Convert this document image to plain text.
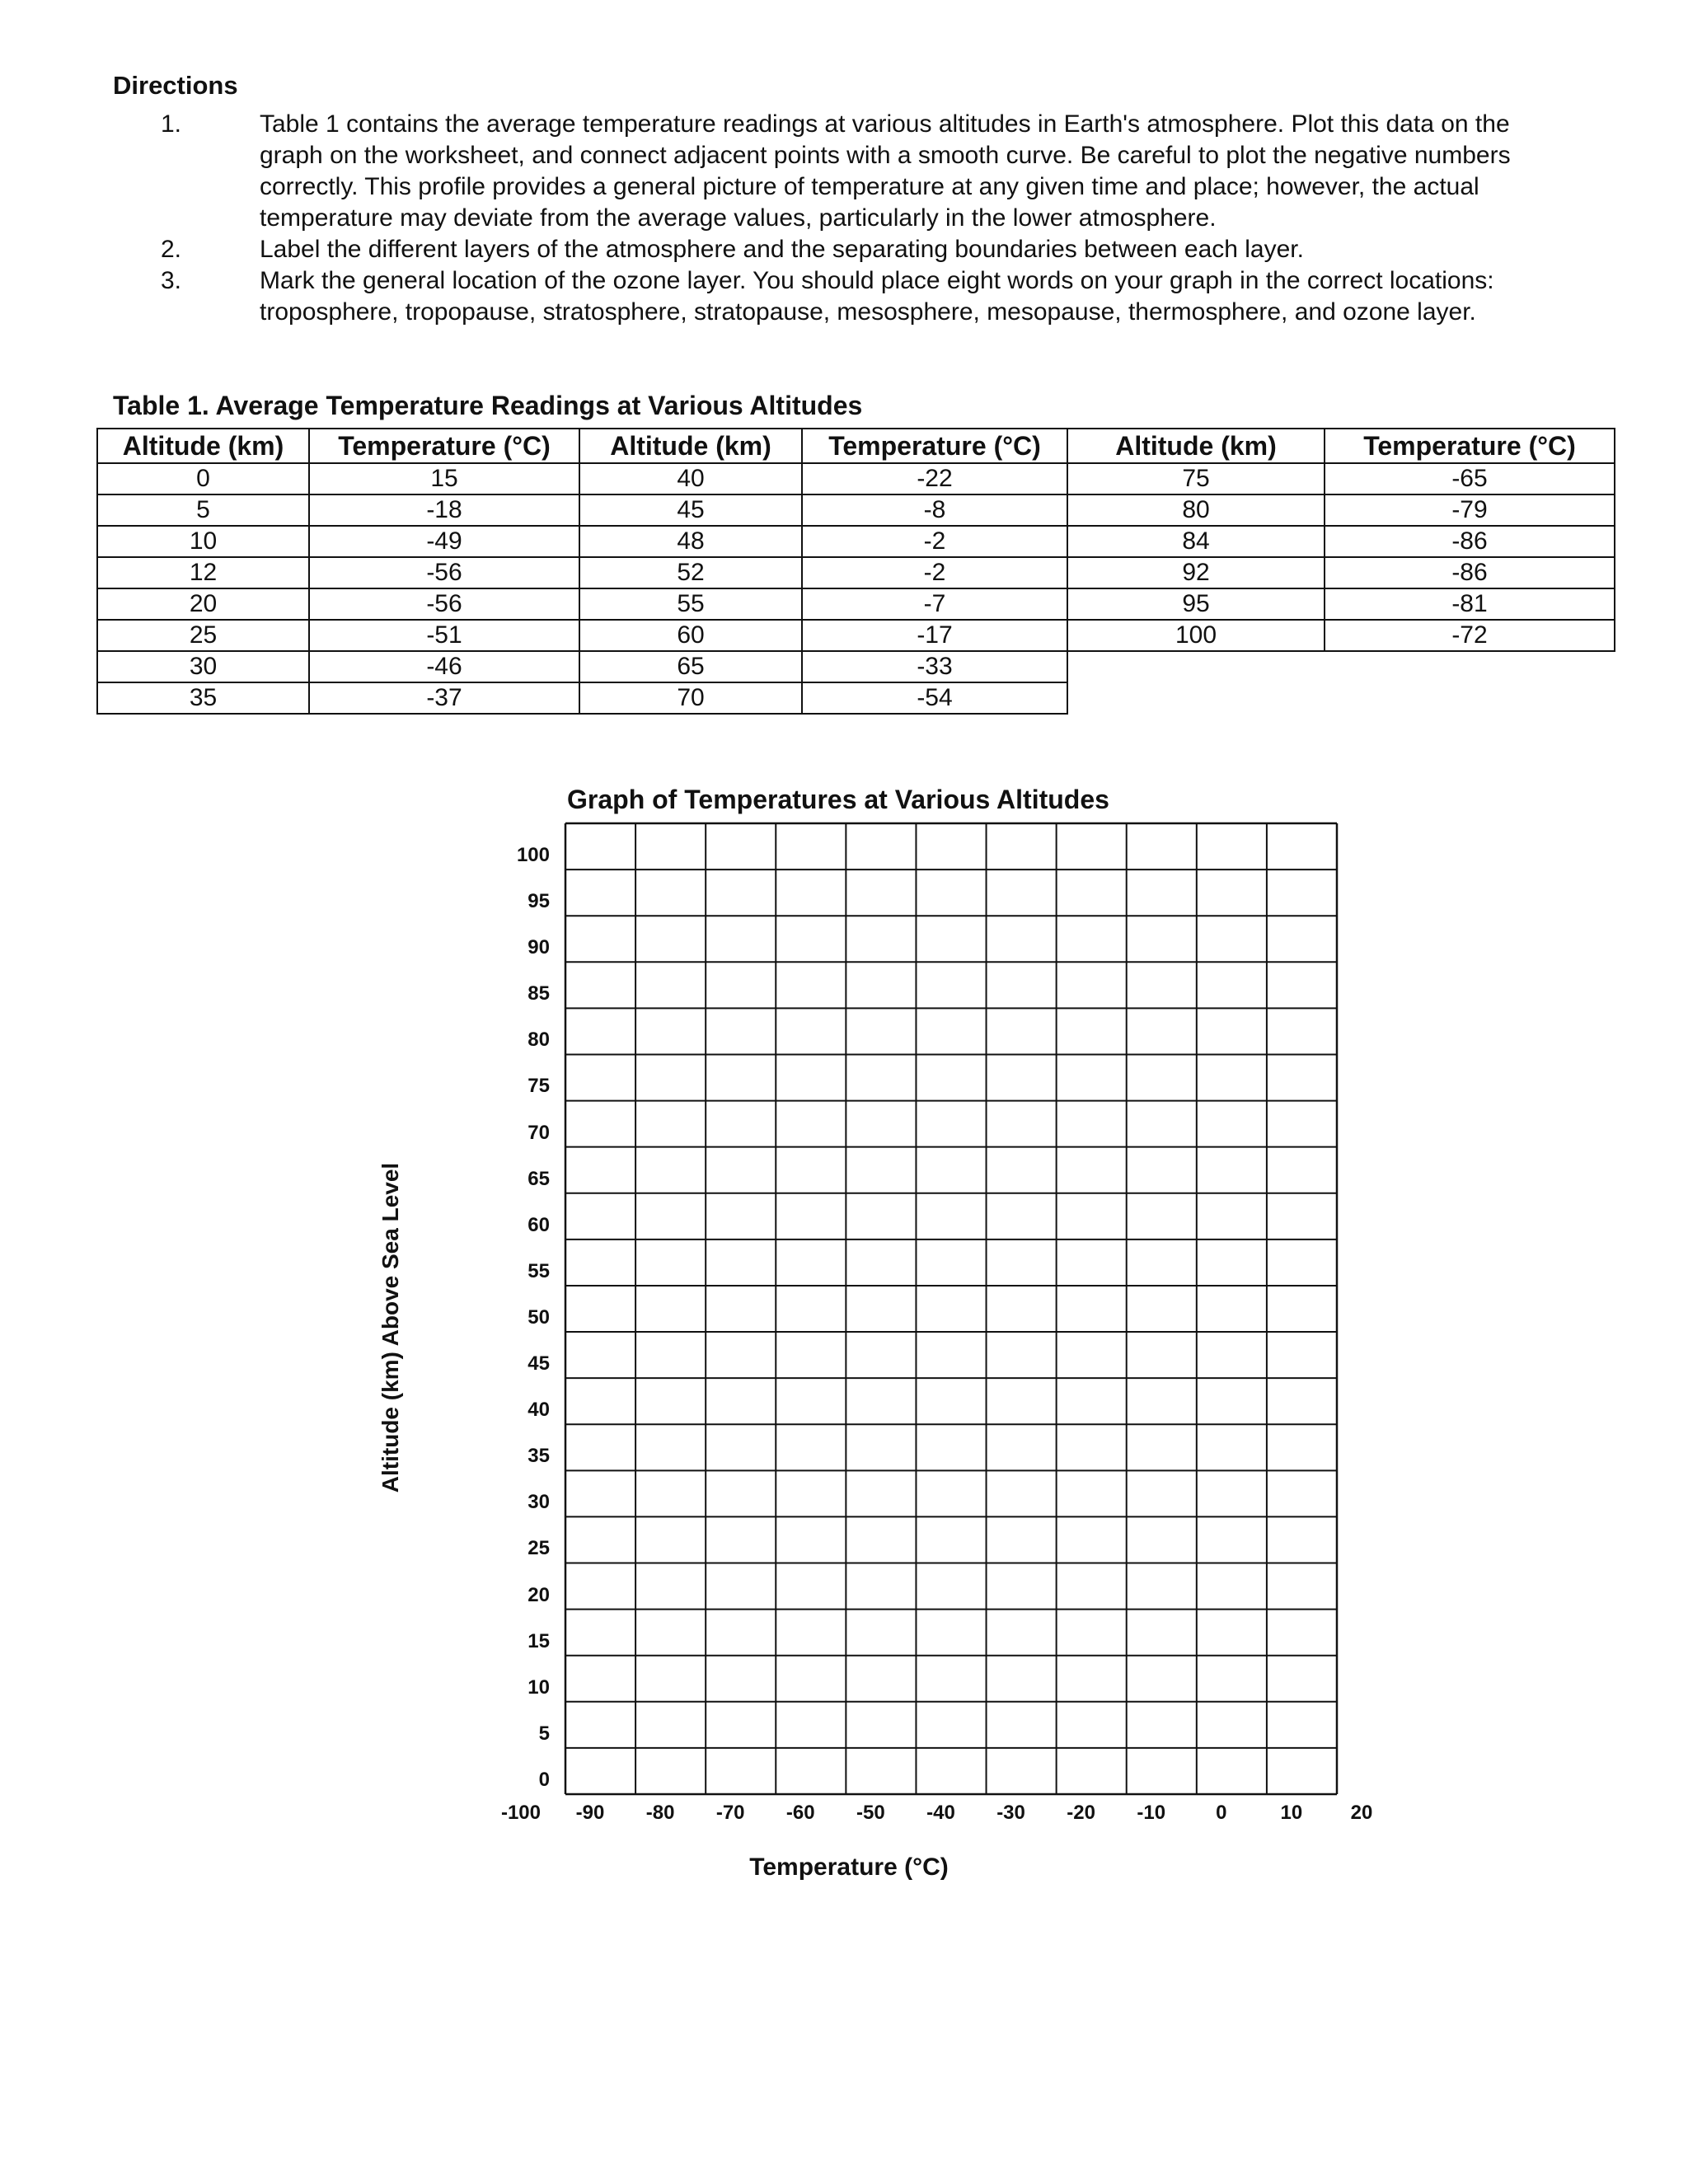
Directions
1.	Table 1 contains the average temperature readings at various altitudes in Earth's atmosphere. Plot this data on the
graph on the worksheet, and connect adjacent points with a smooth curve. Be careful to plot the negative numbers
correctly. This profile provides a general picture of temperature at any given time and place; however, the actual
temperature may deviate from the average values, particularly in the lower atmosphere.
2.	Label the different layers of the atmosphere and the separating boundaries between each layer.
3.	Mark the general location of the ozone layer. You should place eight words on your graph in the correct locations:
troposphere, tropopause, stratosphere, stratopause, mesosphere, mesopause, thermosphere, and ozone layer.
Table 1. Average Temperature Readings at Various Altitudes
Altitude (km)	Temperature (°C)	Altitude (km)	Temperature (°C)	Altitude (km)	Temperature (°C)
0	15	40	-22	75	-65
5	-18	45	-8	80	-79
10	-49	48	-2	84	-86
12	-56	52	-2	92	-86
20	-56	55	-7	95	-81
25	-51	60	-17	100	-72
30	-46	65	-33		
35	-37	70	-54		
Graph of Temperatures at Various Altitudes
Altitude (km) Above Sea Level
Temperature (°C)
100
95
90
85
80
75
70
65
60
55
50
45
40
35
30
25
20
15
10
5
0
-100	-90	-80	-70	-60	-50	-40	-30	-20	-10	0	10	20
